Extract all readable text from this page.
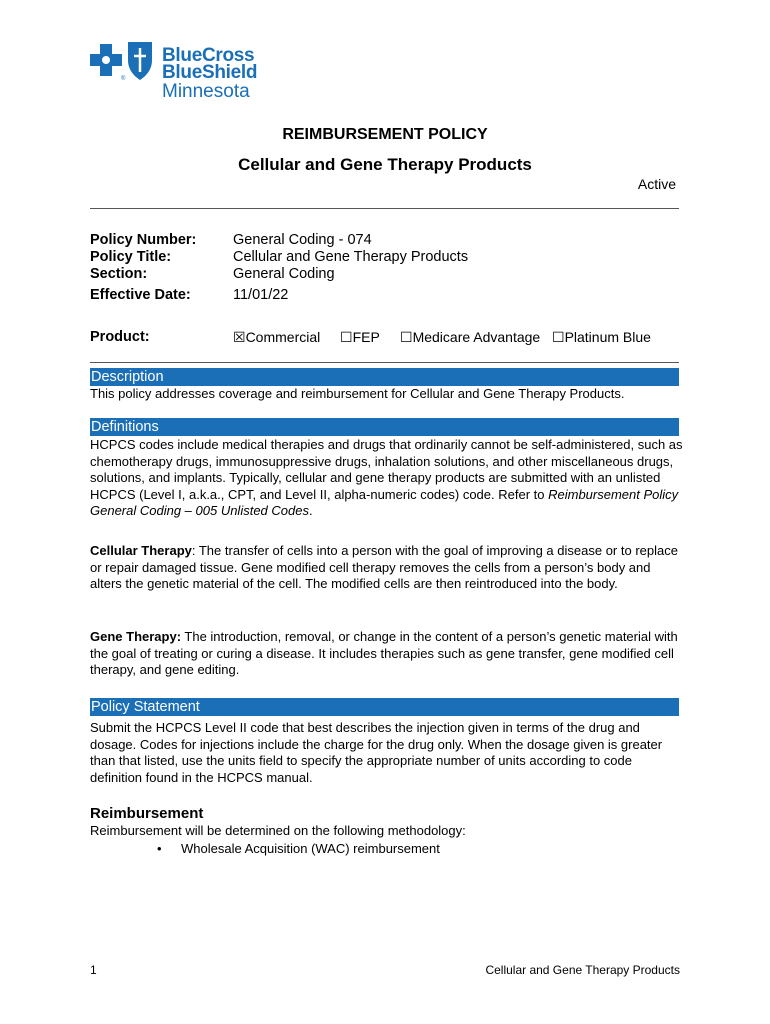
®
BlueCross
BlueShield
Minnesota
REIMBURSEMENT POLICY
Cellular and Gene Therapy Products
Active
Policy Number:	General Coding - 074
Policy Title:	Cellular and Gene Therapy Products
Section:	General Coding
Effective Date:	11/01/22
Product:	☒Commercial ☐FEP ☐Medicare Advantage ☐Platinum Blue
Description
This policy addresses coverage and reimbursement for Cellular and Gene Therapy Products.
Definitions
HCPCS codes include medical therapies and drugs that ordinarily cannot be self-administered, such as chemotherapy drugs, immunosuppressive drugs, inhalation solutions, and other miscellaneous drugs, solutions, and implants. Typically, cellular and gene therapy products are submitted with an unlisted HCPCS (Level I, a.k.a., CPT, and Level II, alpha-numeric codes) code. Refer to Reimbursement Policy General Coding – 005 Unlisted Codes.
Cellular Therapy: The transfer of cells into a person with the goal of improving a disease or to replace or repair damaged tissue. Gene modified cell therapy removes the cells from a person’s body and alters the genetic material of the cell. The modified cells are then reintroduced into the body.
Gene Therapy: The introduction, removal, or change in the content of a person’s genetic material with the goal of treating or curing a disease. It includes therapies such as gene transfer, gene modified cell therapy, and gene editing.
Policy Statement
Submit the HCPCS Level II code that best describes the injection given in terms of the drug and dosage. Codes for injections include the charge for the drug only. When the dosage given is greater than that listed, use the units field to specify the appropriate number of units according to code definition found in the HCPCS manual.
Reimbursement
Reimbursement will be determined on the following methodology:
• Wholesale Acquisition (WAC) reimbursement
1	Cellular and Gene Therapy Products
